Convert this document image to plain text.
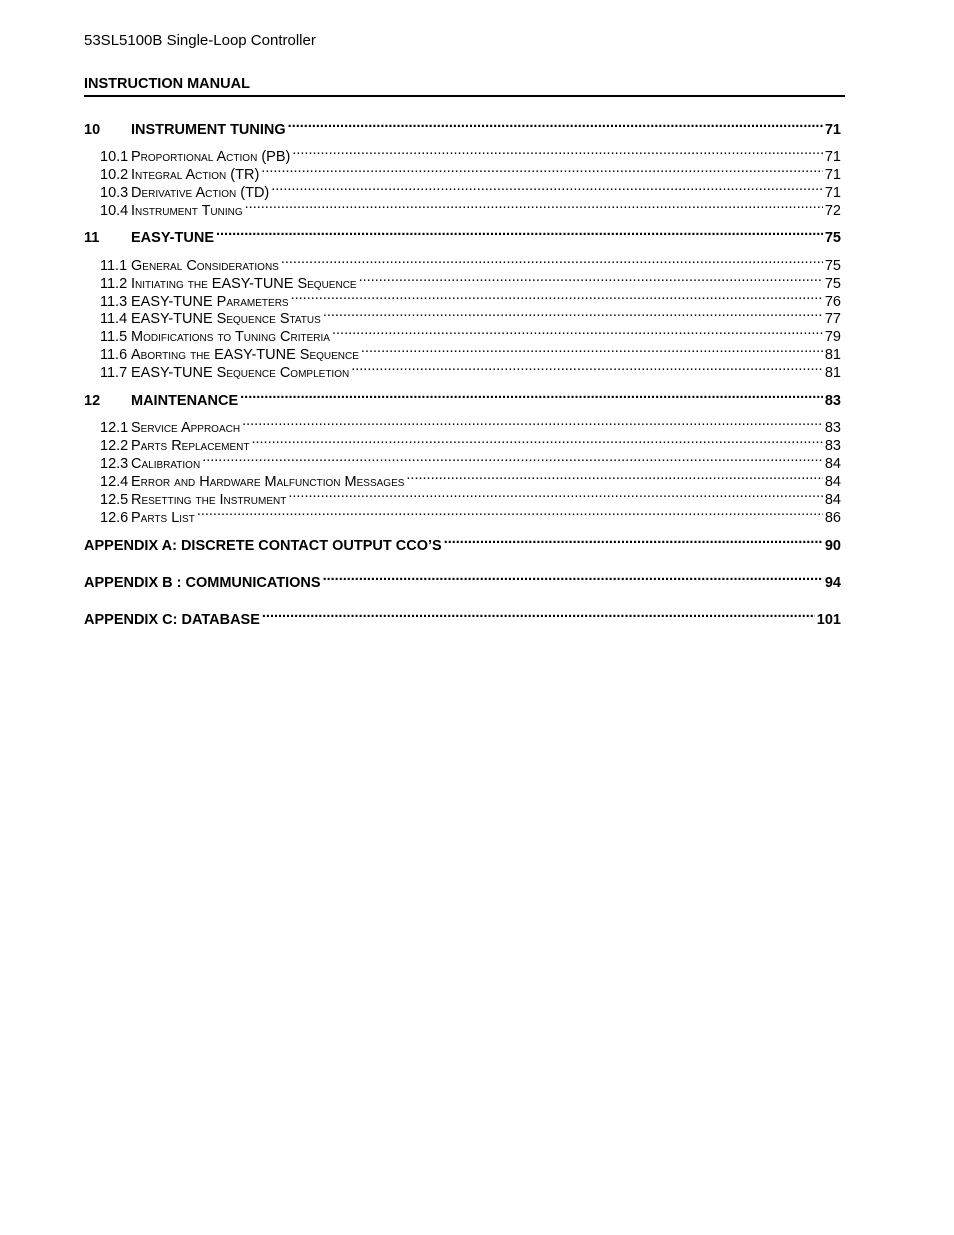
53SL5100B Single-Loop Controller
INSTRUCTION MANUAL
10	INSTRUMENT TUNING .....	71
10.1 Proportional Action (PB) .....	71
10.2 Integral Action (TR) .....	71
10.3 Derivative Action (TD) .....	71
10.4 Instrument Tuning .....	72
11	EASY-TUNE .....	75
11.1 General Considerations .....	75
11.2 Initiating the EASY-TUNE Sequence .....	75
11.3 EASY-TUNE Parameters .....	76
11.4 EASY-TUNE Sequence Status .....	77
11.5 Modifications to Tuning Criteria .....	79
11.6 Aborting the EASY-TUNE Sequence .....	81
11.7 EASY-TUNE Sequence Completion .....	81
12	MAINTENANCE .....	83
12.1 Service Approach .....	83
12.2 Parts Replacement .....	83
12.3 Calibration .....	84
12.4 Error and Hardware Malfunction Messages .....	84
12.5 Resetting the Instrument .....	84
12.6 Parts List .....	86
APPENDIX A: DISCRETE CONTACT OUTPUT CCO’S .....	90
APPENDIX B : COMMUNICATIONS .....	94
APPENDIX C: DATABASE .....	101
